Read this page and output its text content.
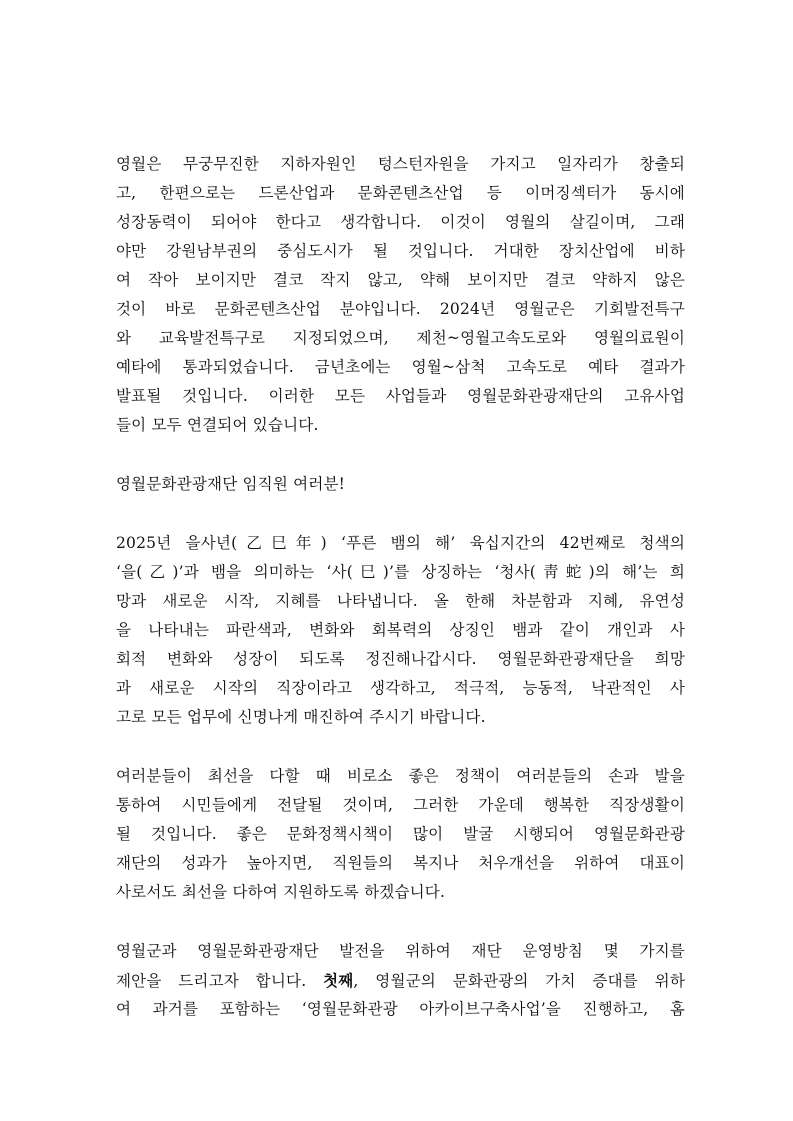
영월은 무궁무진한 지하자원인 텅스턴자원을 가지고 일자리가 창출되
고, 한편으로는 드론산업과 문화콘텐츠산업 등 이머징섹터가 동시에
성장동력이 되어야 한다고 생각합니다. 이것이 영월의 살길이며, 그래
야만 강원남부권의 중심도시가 될 것입니다. 거대한 장치산업에 비하
여 작아 보이지만 결코 작지 않고, 약해 보이지만 결코 약하지 않은
것이 바로 문화콘텐츠산업 분야입니다. 2024년 영월군은 기회발전특구
와 교육발전특구로 지정되었으며, 제천~영월고속도로와 영월의료원이
예타에 통과되었습니다. 금년초에는 영월~삼척 고속도로 예타 결과가
발표될 것입니다. 이러한 모든 사업들과 영월문화관광재단의 고유사업
들이 모두 연결되어 있습니다.
영월문화관광재단 임직원 여러분!
2025년 을사년(乙巳年) ‘푸른 뱀의 해’ 육십지간의 42번째로 청색의
‘을(乙)’과 뱀을 의미하는 ‘사(巳)’를 상징하는 ‘청사(靑蛇)의 해’는 희
망과 새로운 시작, 지혜를 나타냅니다. 올 한해 차분함과 지혜, 유연성
을 나타내는 파란색과, 변화와 회복력의 상징인 뱀과 같이 개인과 사
회적 변화와 성장이 되도록 정진해나갑시다. 영월문화관광재단을 희망
과 새로운 시작의 직장이라고 생각하고, 적극적, 능동적, 낙관적인 사
고로 모든 업무에 신명나게 매진하여 주시기 바랍니다.
여러분들이 최선을 다할 때 비로소 좋은 정책이 여러분들의 손과 발을
통하여 시민들에게 전달될 것이며, 그러한 가운데 행복한 직장생활이
될 것입니다. 좋은 문화정책시책이 많이 발굴 시행되어 영월문화관광
재단의 성과가 높아지면, 직원들의 복지나 처우개선을 위하여 대표이
사로서도 최선을 다하여 지원하도록 하겠습니다.
영월군과 영월문화관광재단 발전을 위하여 재단 운영방침 몇 가지를
제안을 드리고자 합니다. 첫째, 영월군의 문화관광의 가치 증대를 위하
여 과거를 포함하는 ‘영월문화관광 아카이브구축사업’을 진행하고, 홈
